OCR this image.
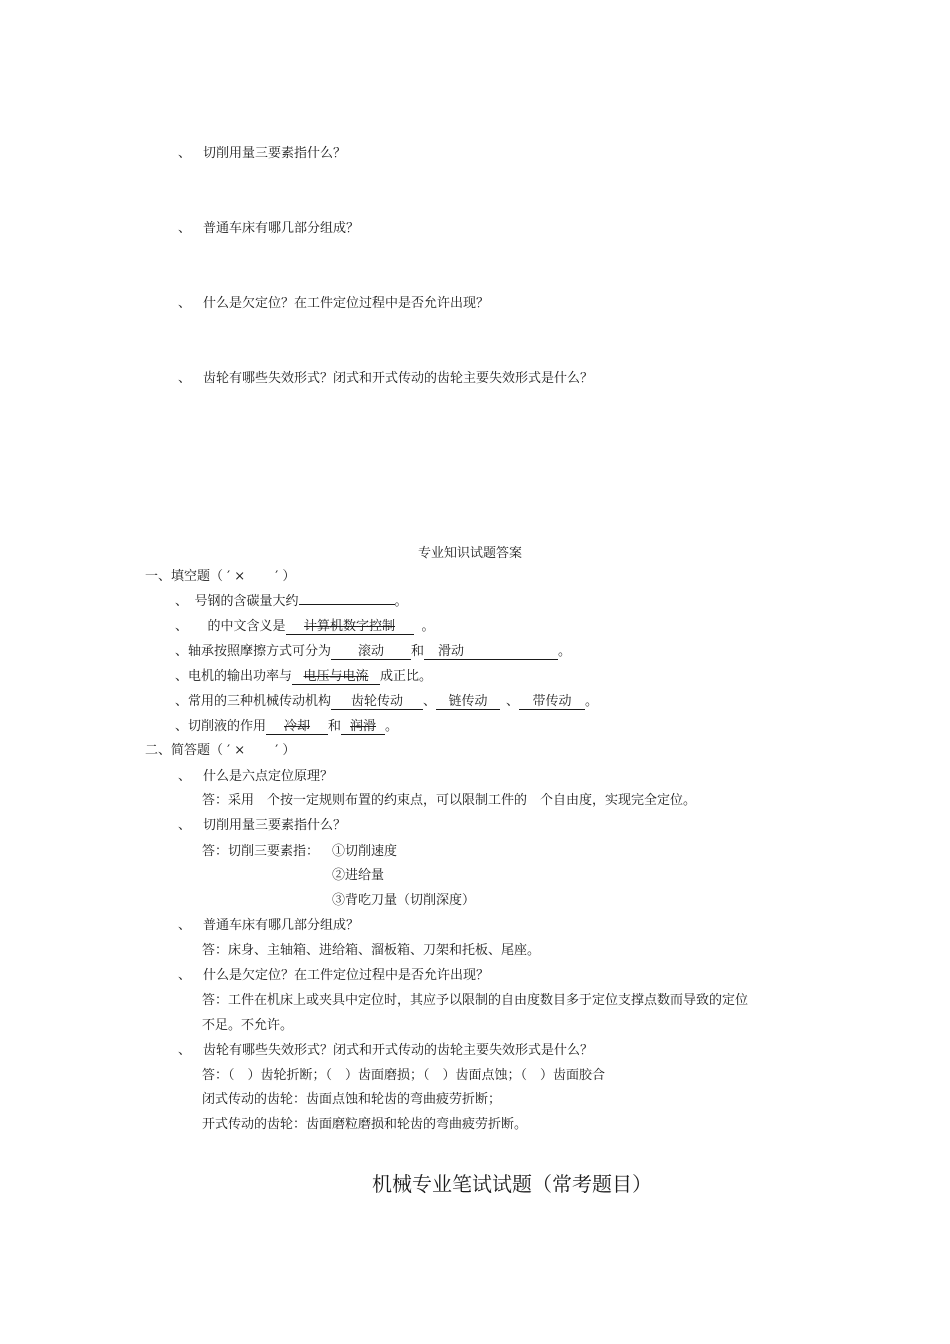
、 切削用量三要素指什么？
、 普通车床有哪几部分组成？
、 什么是欠定位？在工件定位过程中是否允许出现？
、 齿轮有哪些失效形式？闭式和开式传动的齿轮主要失效形式是什么？
专业知识试题答案
一、填空题（ ′ ×　　 ′ ）
、　号钢的含碳量大约	。
、　　的中文含义是 计算机数字控制 。
、轴承按照摩擦方式可分为 滚动 和 滑动	。
、电机的输出功率与 电压与电流 成正比。
、常用的三种机械传动机构 齿轮传动 、 链传动 、 带传动 。
、切削液的作用 冷却 和 润滑 。
二、简答题（ ′ ×　　 ′ ）
、 什么是六点定位原理？
答：采用　个按一定规则布置的约束点，可以限制工件的　个自由度，实现完全定位。
、 切削用量三要素指什么？
答：切削三要素指： ①切削速度
②进给量
③背吃刀量（切削深度）
、 普通车床有哪几部分组成？
答：床身、主轴箱、进给箱、溜板箱、刀架和托板、尾座。
、 什么是欠定位？在工件定位过程中是否允许出现？
答：工件在机床上或夹具中定位时，其应予以限制的自由度数目多于定位支撑点数而导致的定位
不足。不允许。
、 齿轮有哪些失效形式？闭式和开式传动的齿轮主要失效形式是什么？
答：（　）齿轮折断；（　）齿面磨损；（　）齿面点蚀；（　）齿面胶合
闭式传动的齿轮：齿面点蚀和轮齿的弯曲疲劳折断；
开式传动的齿轮：齿面磨粒磨损和轮齿的弯曲疲劳折断。
机械专业笔试试题（常考题目）
